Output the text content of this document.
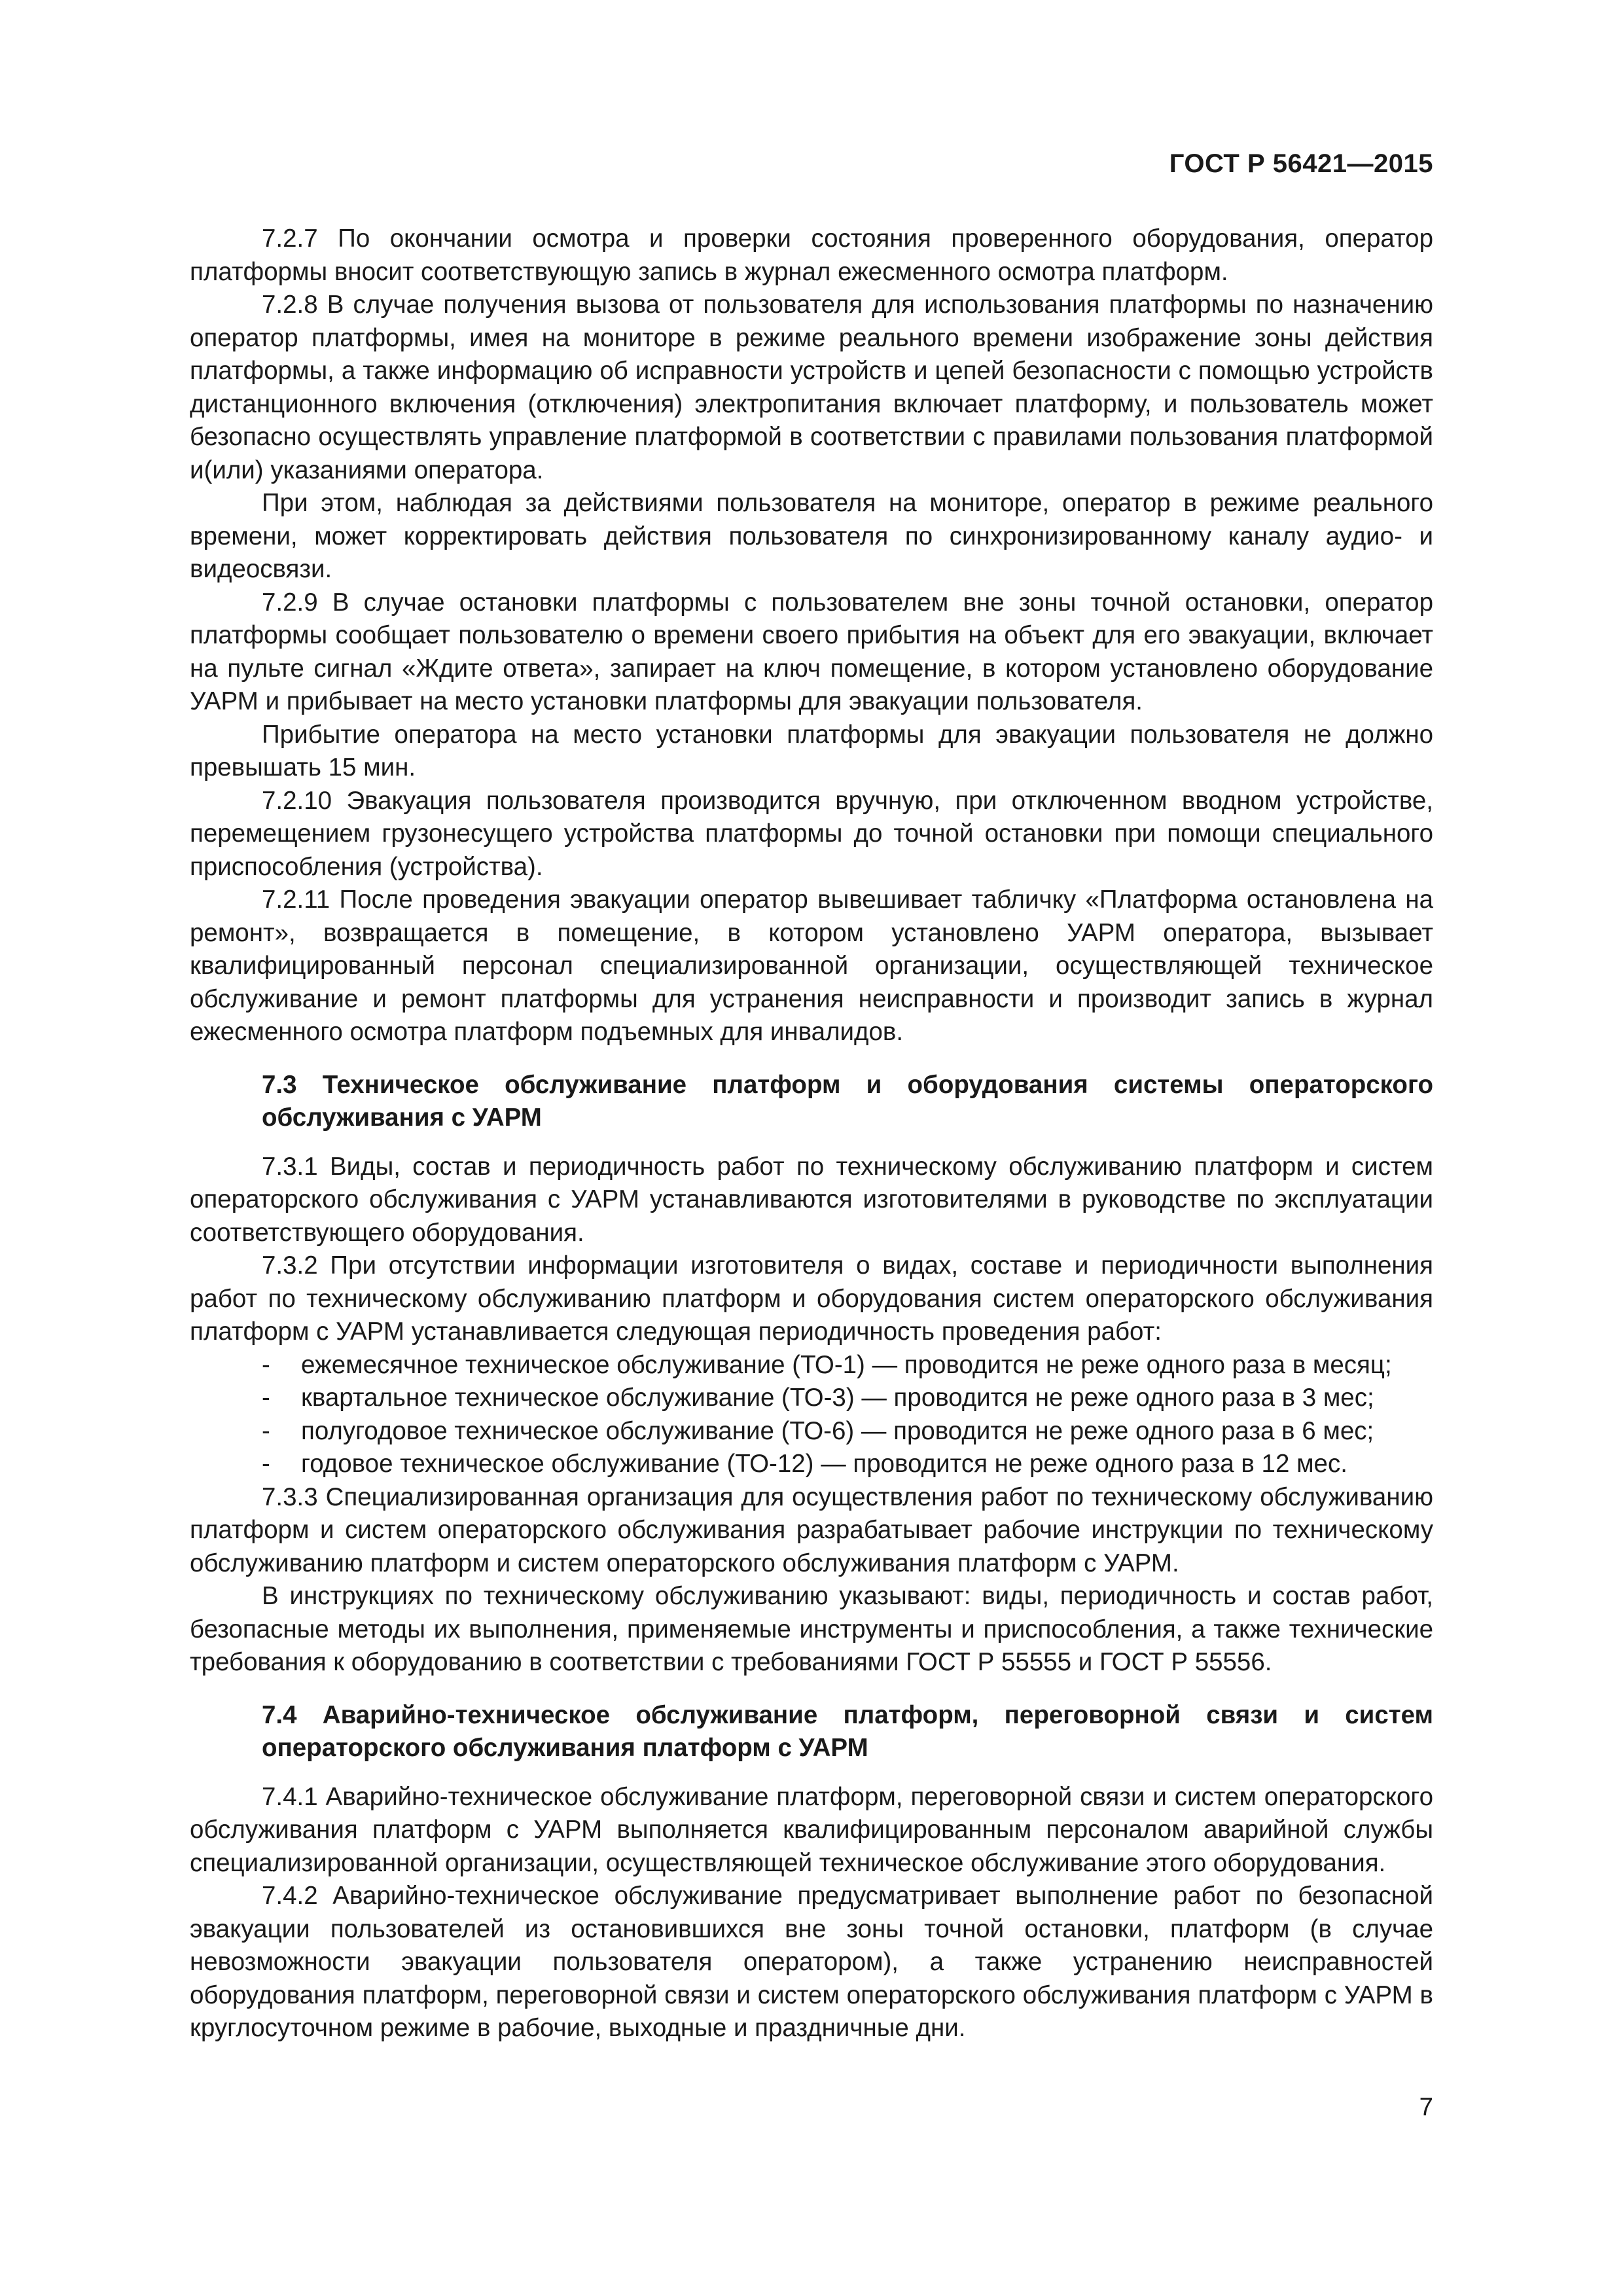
ГОСТ Р 56421—2015

7.2.7 По окончании осмотра и проверки состояния проверенного оборудования, оператор платформы вносит соответствующую запись в журнал ежесменного осмотра платформ.

7.2.8 В случае получения вызова от пользователя для использования платформы по назначению оператор платформы, имея на мониторе в режиме реального времени изображение зоны действия платформы, а также информацию об исправности устройств и цепей безопасности с помощью устройств дистанционного включения (отключения) электропитания включает платформу, и пользователь может безопасно осуществлять управление платформой в соответствии с правилами пользования платформой и(или) указаниями оператора.

При этом, наблюдая за действиями пользователя на мониторе, оператор в режиме реального времени, может корректировать действия пользователя по синхронизированному каналу аудио- и видеосвязи.

7.2.9 В случае остановки платформы с пользователем вне зоны точной остановки, оператор платформы сообщает пользователю о времени своего прибытия на объект для его эвакуации, включает на пульте сигнал «Ждите ответа», запирает на ключ помещение, в котором установлено оборудование УАРМ и прибывает на место установки платформы для эвакуации пользователя.

Прибытие оператора на место установки платформы для эвакуации пользователя не должно превышать 15 мин.

7.2.10 Эвакуация пользователя производится вручную, при отключенном вводном устройстве, перемещением грузонесущего устройства платформы до точной остановки при помощи специального приспособления (устройства).

7.2.11 После проведения эвакуации оператор вывешивает табличку «Платформа остановлена на ремонт», возвращается в помещение, в котором установлено УАРМ оператора, вызывает квалифицированный персонал специализированной организации, осуществляющей техническое обслуживание и ремонт платформы для устранения неисправности и производит запись в журнал ежесменного осмотра платформ подъемных для инвалидов.

7.3 Техническое обслуживание платформ и оборудования системы операторского обслуживания с УАРМ

7.3.1 Виды, состав и периодичность работ по техническому обслуживанию платформ и систем операторского обслуживания с УАРМ устанавливаются изготовителями в руководстве по эксплуатации соответствующего оборудования.

7.3.2 При отсутствии информации изготовителя о видах, составе и периодичности выполнения работ по техническому обслуживанию платформ и оборудования систем операторского обслуживания платформ с УАРМ устанавливается следующая периодичность проведения работ:

- ежемесячное техническое обслуживание (ТО-1) — проводится не реже одного раза в месяц;
- квартальное техническое обслуживание (ТО-3) — проводится не реже одного раза в 3 мес;
- полугодовое техническое обслуживание (ТО-6) — проводится не реже одного раза в 6 мес;
- годовое техническое обслуживание (ТО-12) — проводится не реже одного раза в 12 мес.

7.3.3 Специализированная организация для осуществления работ по техническому обслуживанию платформ и систем операторского обслуживания разрабатывает рабочие инструкции по техническому обслуживанию платформ и систем операторского обслуживания платформ с УАРМ.

В инструкциях по техническому обслуживанию указывают: виды, периодичность и состав работ, безопасные методы их выполнения, применяемые инструменты и приспособления, а также технические требования к оборудованию в соответствии с требованиями ГОСТ Р 55555 и ГОСТ Р 55556.

7.4 Аварийно-техническое обслуживание платформ, переговорной связи и систем операторского обслуживания платформ с УАРМ

7.4.1 Аварийно-техническое обслуживание платформ, переговорной связи и систем операторского обслуживания платформ с УАРМ выполняется квалифицированным персоналом аварийной службы специализированной организации, осуществляющей техническое обслуживание этого оборудования.

7.4.2 Аварийно-техническое обслуживание предусматривает выполнение работ по безопасной эвакуации пользователей из остановившихся вне зоны точной остановки, платформ (в случае невозможности эвакуации пользователя оператором), а также устранению неисправностей оборудования платформ, переговорной связи и систем операторского обслуживания платформ с УАРМ в круглосуточном режиме в рабочие, выходные и праздничные дни.

7
